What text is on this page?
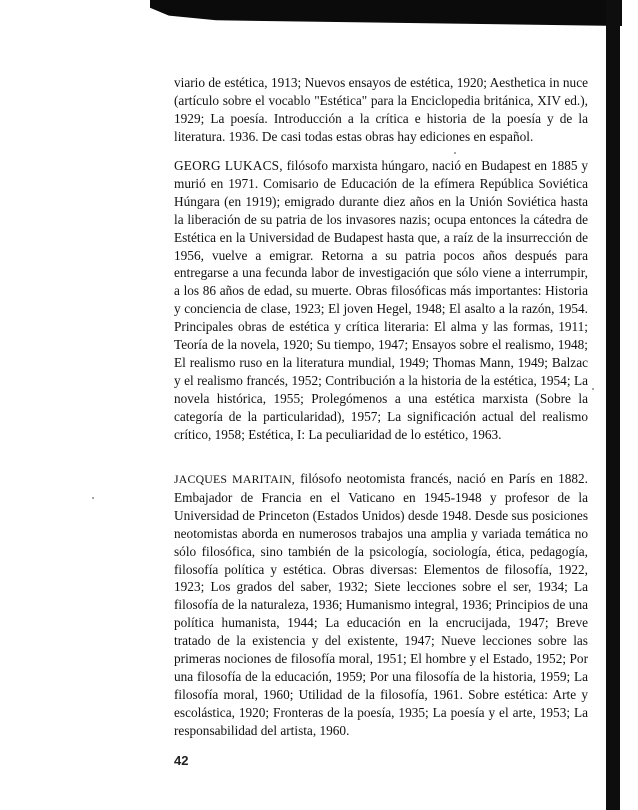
viario de estética, 1913; Nuevos ensayos de estética, 1920; Aesthetica in nuce (artículo sobre el vocablo "Estética" para la Enciclopedia británica, XIV ed.), 1929; La poesía. Introducción a la crítica e historia de la poesía y de la literatura. 1936. De casi todas estas obras hay ediciones en español.
GEORG LUKACS, filósofo marxista húngaro, nació en Budapest en 1885 y murió en 1971. Comisario de Educación de la efímera República Soviética Húngara (en 1919); emigrado durante diez años en la Unión Soviética hasta la liberación de su patria de los invasores nazis; ocupa entonces la cátedra de Estética en la Universidad de Budapest hasta que, a raíz de la insurrección de 1956, vuelve a emigrar. Retorna a su patria pocos años después para entregarse a una fecunda labor de investigación que sólo viene a interrumpir, a los 86 años de edad, su muerte. Obras filosóficas más importantes: Historia y conciencia de clase, 1923; El joven Hegel, 1948; El asalto a la razón, 1954. Principales obras de estética y crítica literaria: El alma y las formas, 1911; Teoría de la novela, 1920; Su tiempo, 1947; Ensayos sobre el realismo, 1948; El realismo ruso en la literatura mundial, 1949; Thomas Mann, 1949; Balzac y el realismo francés, 1952; Contribución a la historia de la estética, 1954; La novela histórica, 1955; Prolegómenos a una estética marxista (Sobre la categoría de la particularidad), 1957; La significación actual del realismo crítico, 1958; Estética, I: La peculiaridad de lo estético, 1963.
JACQUES MARITAIN, filósofo neotomista francés, nació en París en 1882. Embajador de Francia en el Vaticano en 1945-1948 y profesor de la Universidad de Princeton (Estados Unidos) desde 1948. Desde sus posiciones neotomistas aborda en numerosos trabajos una amplia y variada temática no sólo filosófica, sino también de la psicología, sociología, ética, pedagogía, filosofía política y estética. Obras diversas: Elementos de filosofía, 1922, 1923; Los grados del saber, 1932; Siete lecciones sobre el ser, 1934; La filosofía de la naturaleza, 1936; Humanismo integral, 1936; Principios de una política humanista, 1944; La educación en la encrucijada, 1947; Breve tratado de la existencia y del existente, 1947; Nueve lecciones sobre las primeras nociones de filosofía moral, 1951; El hombre y el Estado, 1952; Por una filosofía de la educación, 1959; Por una filosofía de la historia, 1959; La filosofía moral, 1960; Utilidad de la filosofía, 1961. Sobre estética: Arte y escolástica, 1920; Fronteras de la poesía, 1935; La poesía y el arte, 1953; La responsabilidad del artista, 1960.
42
